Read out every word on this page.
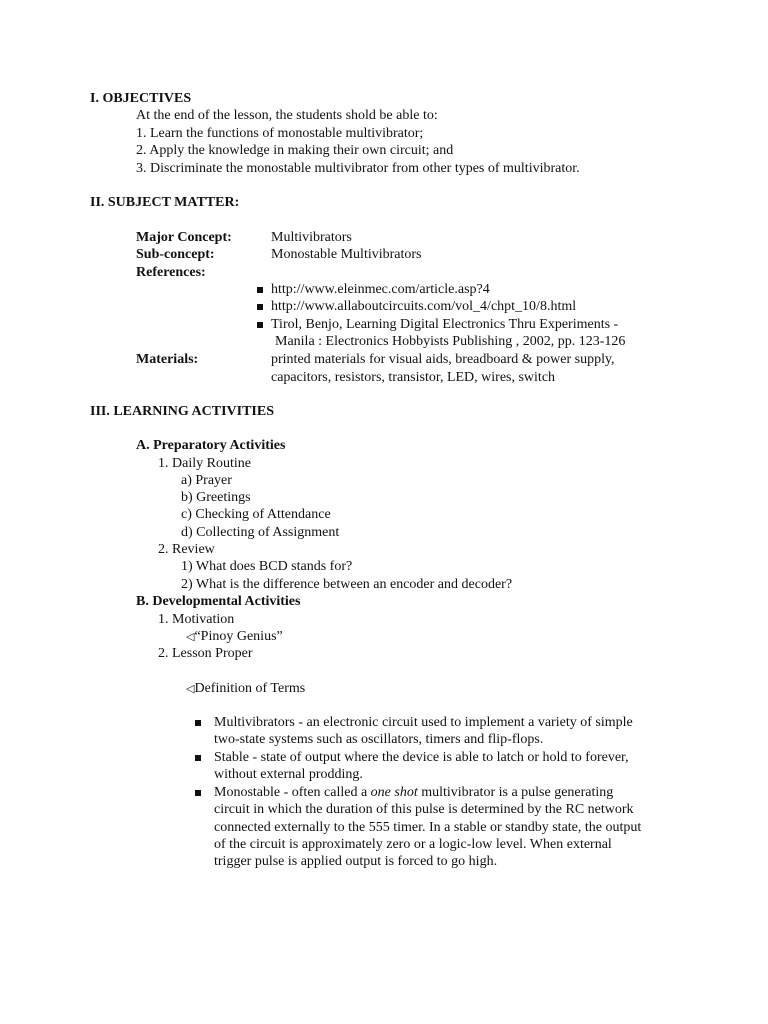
I. OBJECTIVES
At the end of the lesson, the students shold be able to:
1. Learn the functions of monostable multivibrator;
2. Apply the knowledge in making their own circuit; and
3. Discriminate the monostable multivibrator from other types of multivibrator.
II. SUBJECT MATTER:
Major Concept:	Multivibrators
Sub-concept:	Monostable Multivibrators
References:
http://www.eleinmec.com/article.asp?4
http://www.allaboutcircuits.com/vol_4/chpt_10/8.html
Tirol, Benjo, Learning Digital Electronics Thru Experiments -
Manila : Electronics Hobbyists Publishing , 2002, pp. 123-126
Materials:	printed materials for visual aids, breadboard & power supply,
capacitors, resistors, transistor, LED, wires, switch
III. LEARNING ACTIVITIES
A. Preparatory Activities
1. Daily Routine
a) Prayer
b) Greetings
c) Checking of Attendance
d) Collecting of Assignment
2. Review
1) What does BCD stands for?
2) What is the difference between an encoder and decoder?
B. Developmental Activities
1. Motivation
◁“Pinoy Genius”
2. Lesson Proper
◁Definition of Terms
Multivibrators - an electronic circuit used to implement a variety of simple
two-state systems such as oscillators, timers and flip-flops.
Stable - state of output where the device is able to latch or hold to forever,
without external prodding.
Monostable - often called a one shot multivibrator is a pulse generating
circuit in which the duration of this pulse is determined by the RC network
connected externally to the 555 timer. In a stable or standby state, the output
of the circuit is approximately zero or a logic-low level. When external
trigger pulse is applied output is forced to go high.
